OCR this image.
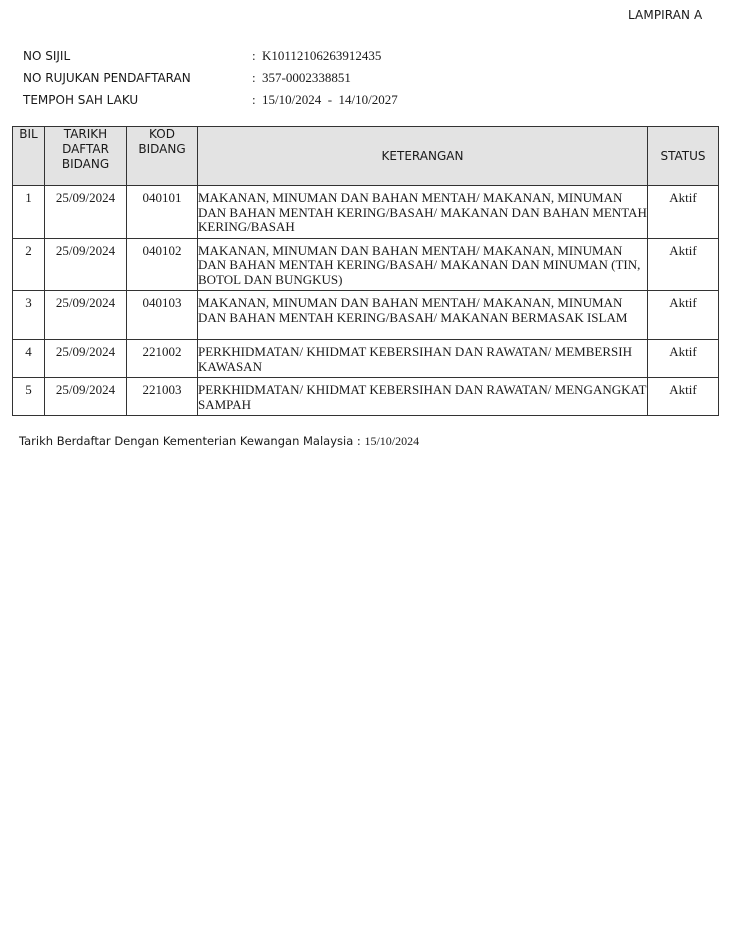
LAMPIRAN A
NO SIJIL	: K10112106263912435
NO RUJUKAN PENDAFTARAN	: 357-0002338851
TEMPOH SAH LAKU	: 15/10/2024  -  14/10/2027
BIL	TARIKH DAFTAR BIDANG	KOD BIDANG	KETERANGAN	STATUS
1	25/09/2024	040101	MAKANAN, MINUMAN DAN BAHAN MENTAH/ MAKANAN, MINUMAN DAN BAHAN MENTAH KERING/BASAH/ MAKANAN DAN BAHAN MENTAH KERING/BASAH	Aktif
2	25/09/2024	040102	MAKANAN, MINUMAN DAN BAHAN MENTAH/ MAKANAN, MINUMAN DAN BAHAN MENTAH KERING/BASAH/ MAKANAN DAN MINUMAN (TIN, BOTOL DAN BUNGKUS)	Aktif
3	25/09/2024	040103	MAKANAN, MINUMAN DAN BAHAN MENTAH/ MAKANAN, MINUMAN DAN BAHAN MENTAH KERING/BASAH/ MAKANAN BERMASAK ISLAM	Aktif
4	25/09/2024	221002	PERKHIDMATAN/ KHIDMAT KEBERSIHAN DAN RAWATAN/ MEMBERSIH KAWASAN	Aktif
5	25/09/2024	221003	PERKHIDMATAN/ KHIDMAT KEBERSIHAN DAN RAWATAN/ MENGANGKAT SAMPAH	Aktif
Tarikh Berdaftar Dengan Kementerian Kewangan Malaysia : 15/10/2024
